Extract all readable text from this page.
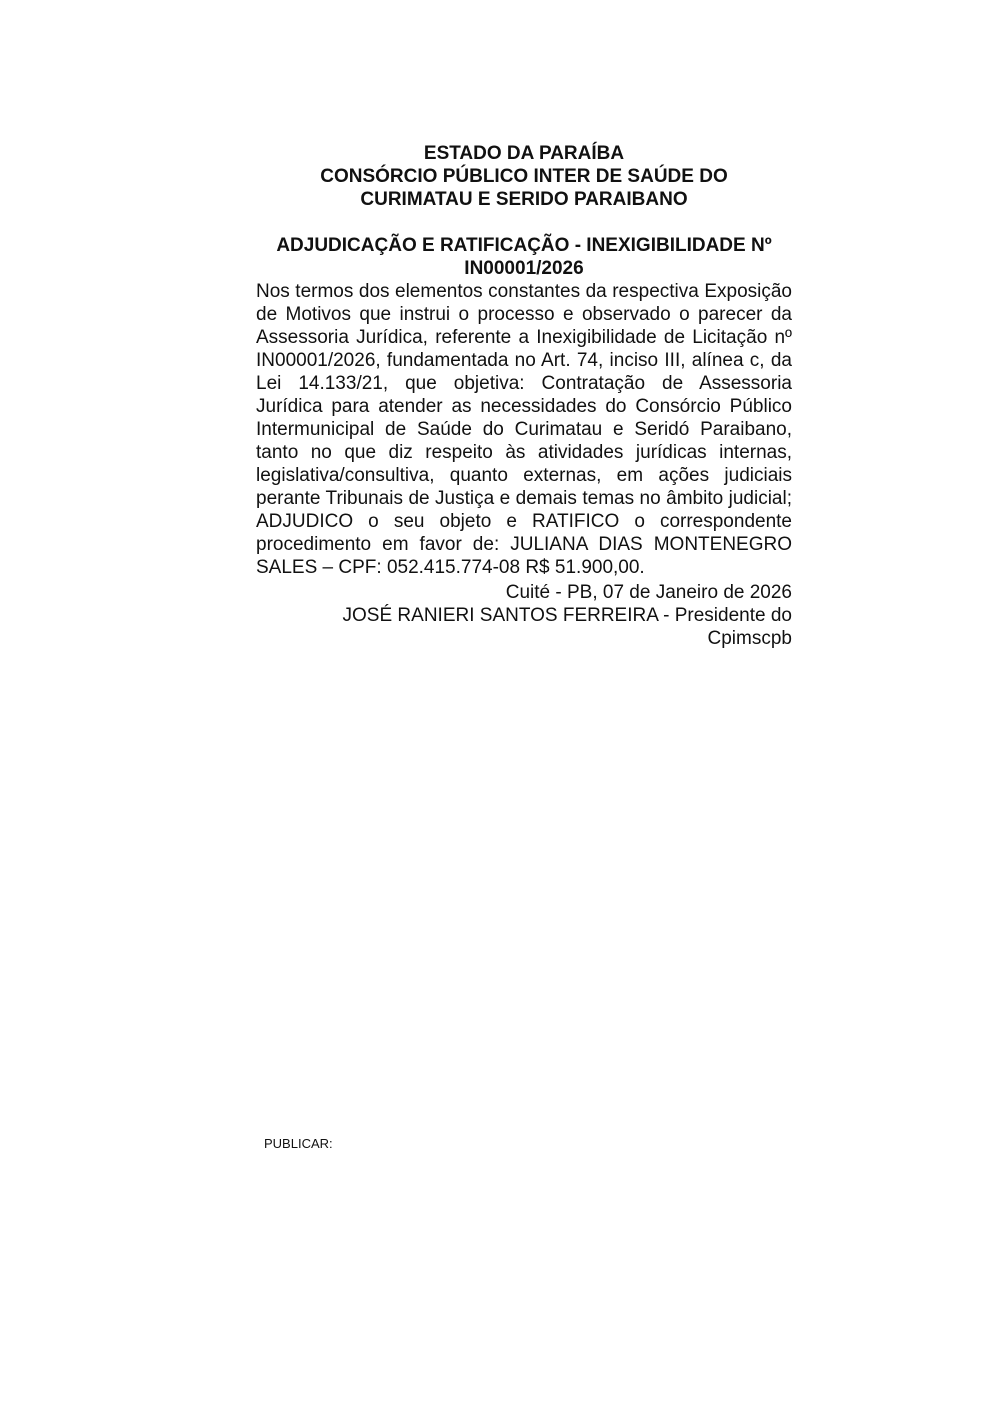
ESTADO DA PARAÍBA
CONSÓRCIO PÚBLICO INTER DE SAÚDE DO
CURIMATAU E SERIDO PARAIBANO
ADJUDICAÇÃO E RATIFICAÇÃO - INEXIGIBILIDADE Nº
IN00001/2026

Nos termos dos elementos constantes da respectiva Exposição de Motivos que instrui o processo e observado o parecer da Assessoria Jurídica, referente a Inexigibilidade de Licitação nº IN00001/2026, fundamentada no Art. 74, inciso III, alínea c, da Lei 14.133/21, que objetiva: Contratação de Assessoria Jurídica para atender as necessidades do Consórcio Público Intermunicipal de Saúde do Curimatau e Seridó Paraibano, tanto no que diz respeito às atividades jurídicas internas, legislativa/consultiva, quanto externas, em ações judiciais perante Tribunais de Justiça e demais temas no âmbito judicial; ADJUDICO o seu objeto e RATIFICO o correspondente procedimento em favor de: JULIANA DIAS MONTENEGRO SALES – CPF: 052.415.774-08 R$ 51.900,00.

Cuité - PB, 07 de Janeiro de 2026
JOSÉ RANIERI SANTOS FERREIRA - Presidente do
Cpimscpb
PUBLICAR:
